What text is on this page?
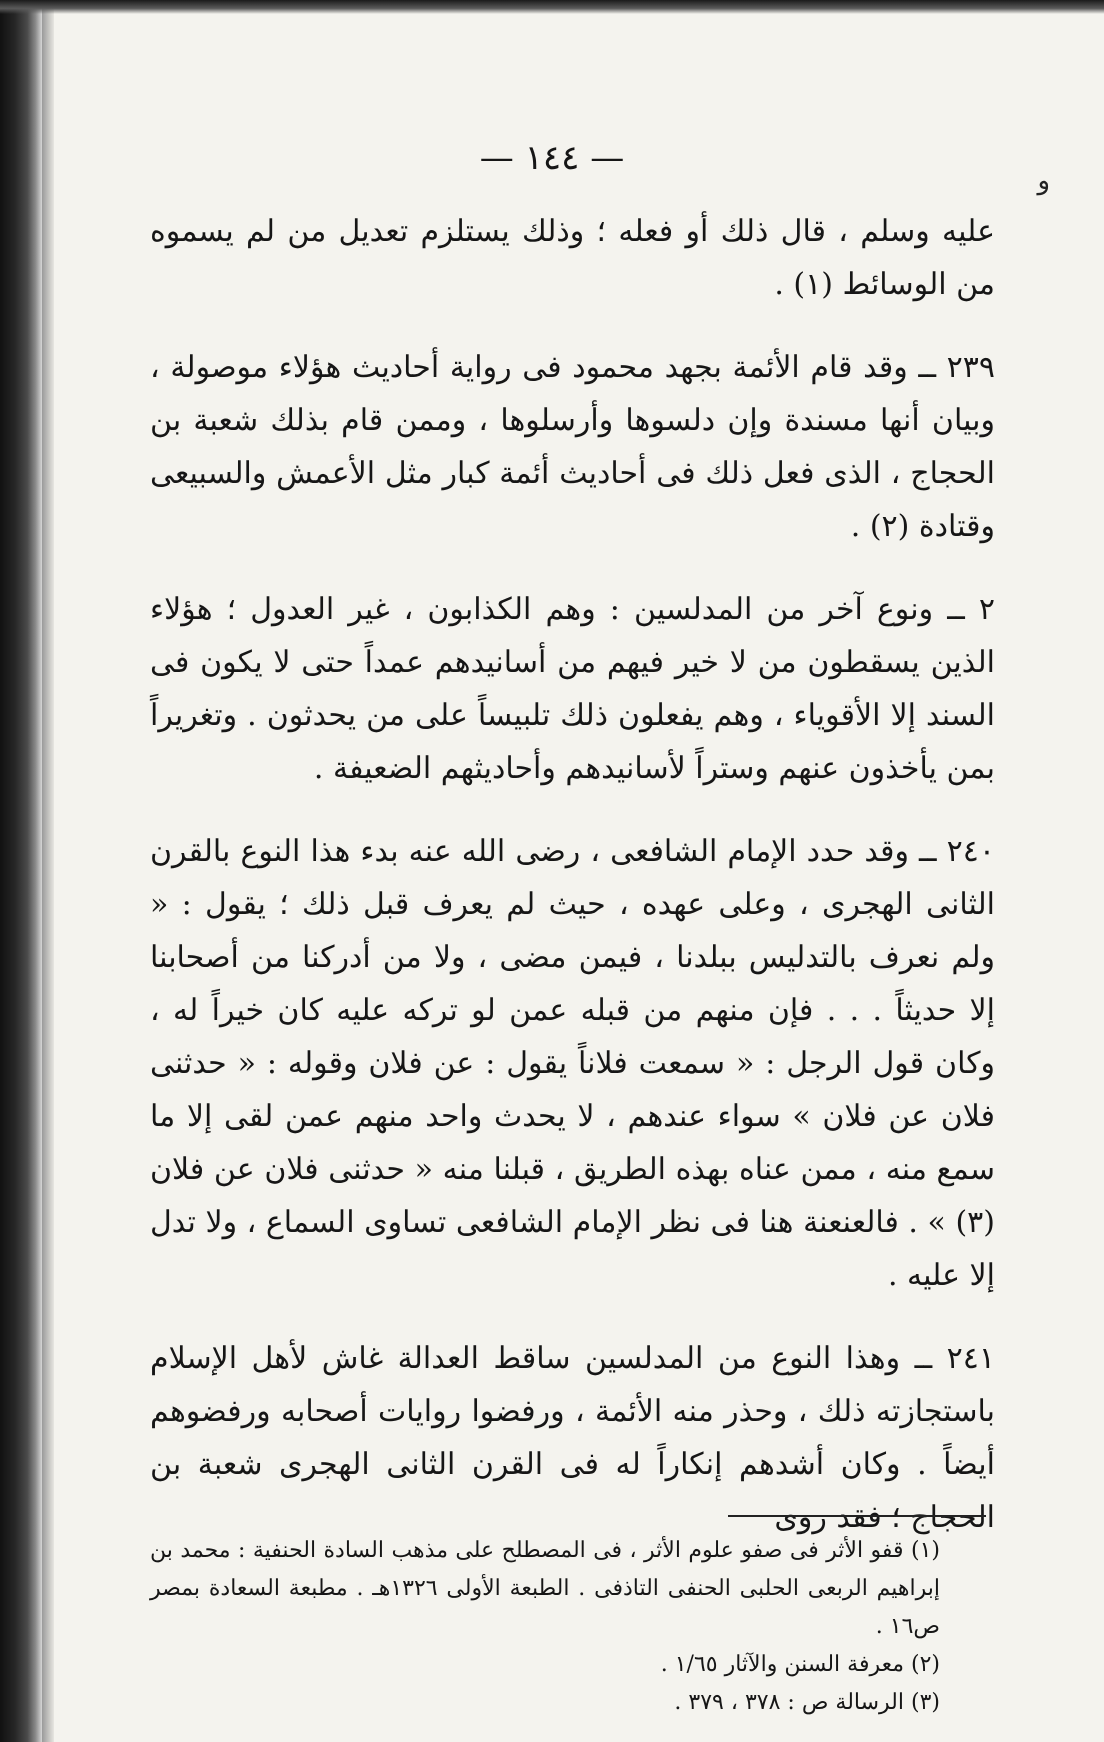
ﻭ
— ١٤٤ —

عليه وسلم ، قال ذلك أو فعله ؛ وذلك يستلزم تعديل من لم يسموه من الوسائط (١) .

٢٣٩ ــ وقد قام الأئمة بجهد محمود فى رواية أحاديث هؤلاء موصولة ، وبيان أنها مسندة وإن دلسوها وأرسلوها ، وممن قام بذلك شعبة بن الحجاج ، الذى فعل ذلك فى أحاديث أئمة كبار مثل الأعمش والسبيعى وقتادة (٢) .

٢ ــ ونوع آخر من المدلسين : وهم الكذابون ، غير العدول ؛ هؤلاء الذين يسقطون من لا خير فيهم من أسانيدهم عمداً حتى لا يكون فى السند إلا الأقوياء ، وهم يفعلون ذلك تلبيساً على من يحدثون . وتغريراً بمن يأخذون عنهم وستراً لأسانيدهم وأحاديثهم الضعيفة .

٢٤٠ ــ وقد حدد الإمام الشافعى ، رضى الله عنه بدء هذا النوع بالقرن الثانى الهجرى ، وعلى عهده ، حيث لم يعرف قبل ذلك ؛ يقول : « ولم نعرف بالتدليس ببلدنا ، فيمن مضى ، ولا من أدركنا من أصحابنا إلا حديثاً . . . فإن منهم من قبله عمن لو تركه عليه كان خيراً له ، وكان قول الرجل : « سمعت فلاناً يقول : عن فلان وقوله : « حدثنى فلان عن فلان » سواء عندهم ، لا يحدث واحد منهم عمن لقى إلا ما سمع منه ، ممن عناه بهذه الطريق ، قبلنا منه « حدثنى فلان عن فلان (٣) » . فالعنعنة هنا فى نظر الإمام الشافعى تساوى السماع ، ولا تدل إلا عليه .

٢٤١ ــ وهذا النوع من المدلسين ساقط العدالة غاش لأهل الإسلام باستجازته ذلك ، وحذر منه الأئمة ، ورفضوا روايات أصحابه ورفضوهم أيضاً . وكان أشدهم إنكاراً له فى القرن الثانى الهجرى شعبة بن الحجاج ؛ فقد روى

(١) قفو الأثر فى صفو علوم الأثر ، فى المصطلح على مذهب السادة الحنفية : محمد بن إبراهيم الربعى الحلبى الحنفى التاذفى . الطبعة الأولى ١٣٢٦هـ . مطبعة السعادة بمصر ص١٦ .

(٢) معرفة السنن والآثار ١/٦٥ .

(٣) الرسالة ص : ٣٧٨ ، ٣٧٩ .
